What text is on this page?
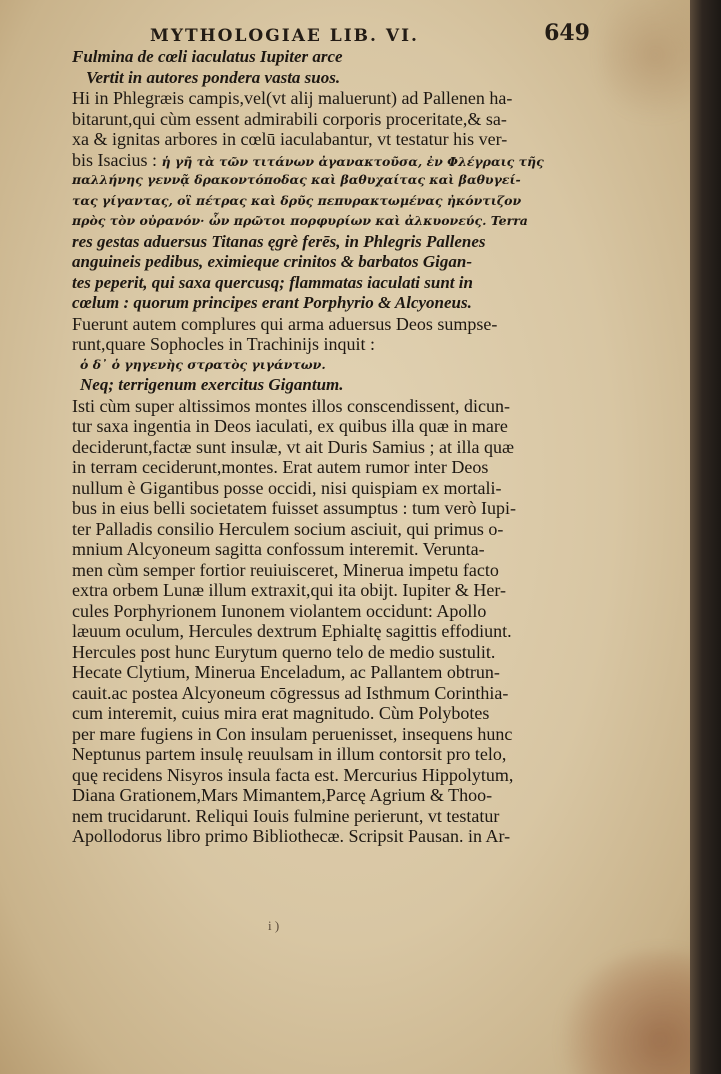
MYTHOLOGIAE LIB. VI.	649
Fulmina de cœli iaculatus Iupiter arce
Vertit in autores pondera vasta suos.
Hi in Phlegræis campis,vel(vt alij maluerunt) ad Pallenen ha-
bitarunt,qui cùm essent admirabili corporis proceritate,& sa-
xa & ignitas arbores in cœlū iaculabantur, vt testatur his ver-
bis Isacius : ἡ γῆ τὰ τῶν τιτάνων ἀγανακτοῦσα, ἐν Φλέγραις τῆς
παλλήνης γεννᾷ δρακοντόποδας καὶ βαθυχαίτας καὶ βαθυγεί-
τας γίγαντας, οἳ πέτρας καὶ δρῦς πεπυρακτωμένας ἠκόντιζον
πρὸς τὸν οὐρανόν· ὧν πρῶτοι πορφυρίων καὶ ἀλκυονεύς. Terra
res gestas aduersus Titanas ęgrè ferēs, in Phlegris Pallenes
anguineis pedibus, eximieque crinitos & barbatos Gigan-
tes peperit, qui saxa quercusq; flammatas iaculati sunt in
cœlum : quorum principes erant Porphyrio & Alcyoneus.
Fuerunt autem complures qui arma aduersus Deos sumpse-
runt,quare Sophocles in Trachinijs inquit :
ὁ δ᾽ ὁ γηγενὴς στρατὸς γιγάντων.
Neq; terrigenum exercitus Gigantum.
Isti cùm super altissimos montes illos conscendissent, dicun-
tur saxa ingentia in Deos iaculati, ex quibus illa quæ in mare
deciderunt,factæ sunt insulæ, vt ait Duris Samius ; at illa quæ
in terram ceciderunt,montes. Erat autem rumor inter Deos
nullum è Gigantibus posse occidi, nisi quispiam ex mortali-
bus in eius belli societatem fuisset assumptus : tum verò Iupi-
ter Palladis consilio Herculem socium asciuit, qui primus o-
mnium Alcyoneum sagitta confossum interemit. Verunta-
men cùm semper fortior reuiuisceret, Minerua impetu facto
extra orbem Lunæ illum extraxit,qui ita obijt. Iupiter & Her-
cules Porphyrionem Iunonem violantem occidunt: Apollo
læuum oculum, Hercules dextrum Ephialtę sagittis effodiunt.
Hercules post hunc Eurytum querno telo de medio sustulit.
Hecate Clytium, Minerua Enceladum, ac Pallantem obtrun-
cauit.ac postea Alcyoneum cōgressus ad Isthmum Corinthia-
cum interemit, cuius mira erat magnitudo. Cùm Polybotes
per mare fugiens in Con insulam peruenisset, insequens hunc
Neptunus partem insulę reuulsam in illum contorsit pro telo,
quę recidens Nisyros insula facta est. Mercurius Hippolytum,
Diana Grationem,Mars Mimantem,Parcę Agrium & Thoo-
nem trucidarunt. Reliqui Iouis fulmine perierunt, vt testatur
Apollodorus libro primo Bibliothecæ. Scripsit Pausan. in Ar-
i )
